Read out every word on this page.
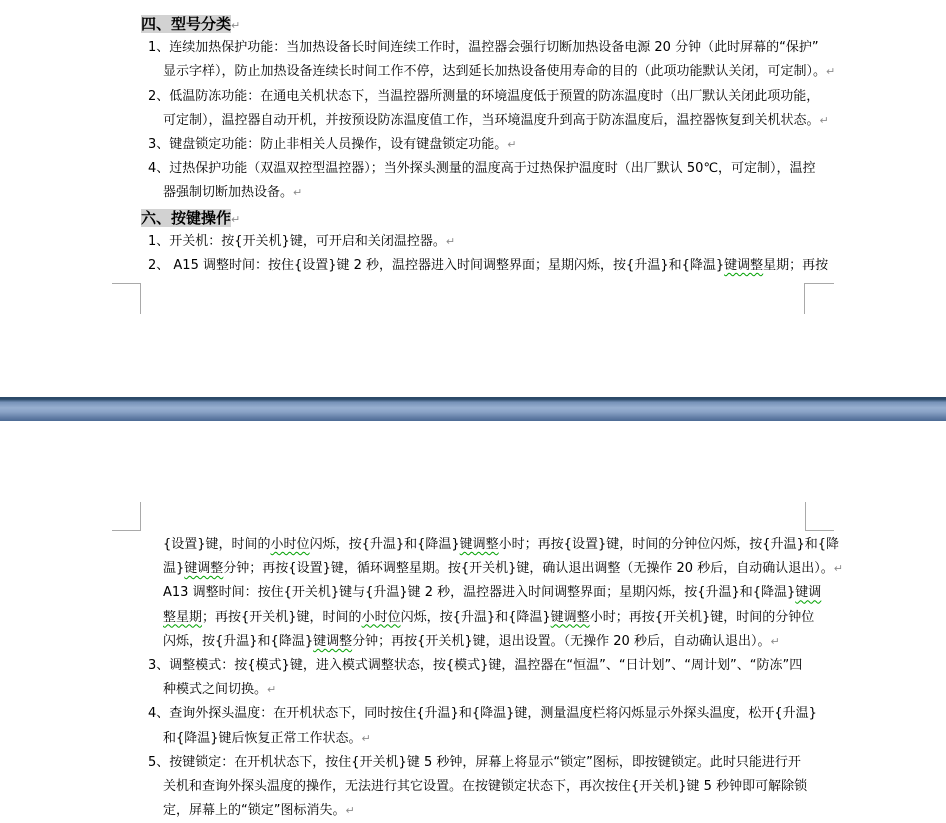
四、型号分类↵
1、连续加热保护功能：当加热设备长时间连续工作时，温控器会强行切断加热设备电源 20 分钟（此时屏幕的“保护”
显示字样），防止加热设备连续长时间工作不停，达到延长加热设备使用寿命的目的（此项功能默认关闭，可定制）。↵
2、低温防冻功能：在通电关机状态下，当温控器所测量的环境温度低于预置的防冻温度时（出厂默认关闭此项功能，
可定制），温控器自动开机，并按预设防冻温度值工作，当环境温度升到高于防冻温度后，温控器恢复到关机状态。↵
3、键盘锁定功能：防止非相关人员操作，设有键盘锁定功能。↵
4、过热保护功能（双温双控型温控器）；当外探头测量的温度高于过热保护温度时（出厂默认 50℃，可定制），温控
器强制切断加热设备。↵
六、按键操作↵
1、开关机：按{开关机}键，可开启和关闭温控器。↵
2、 A15 调整时间：按住{设置}键 2 秒，温控器进入时间调整界面；星期闪烁，按{升温}和{降温}键调整星期；再按
{设置}键，时间的小时位闪烁，按{升温}和{降温}键调整小时；再按{设置}键，时间的分钟位闪烁，按{升温}和{降
温}键调整分钟；再按{设置}键，循环调整星期。按{开关机}键，确认退出调整（无操作 20 秒后，自动确认退出）。↵
A13 调整时间：按住{开关机}键与{升温}键 2 秒，温控器进入时间调整界面；星期闪烁，按{升温}和{降温}键调
整星期；再按{开关机}键，时间的小时位闪烁，按{升温}和{降温}键调整小时；再按{开关机}键，时间的分钟位
闪烁，按{升温}和{降温}键调整分钟；再按{开关机}键，退出设置。（无操作 20 秒后，自动确认退出）。↵
3、调整模式：按{模式}键，进入模式调整状态，按{模式}键，温控器在“恒温”、“日计划”、“周计划”、“防冻”四
种模式之间切换。↵
4、查询外探头温度：在开机状态下，同时按住{升温}和{降温}键，测量温度栏将闪烁显示外探头温度，松开{升温}
和{降温}键后恢复正常工作状态。↵
5、按键锁定：在开机状态下，按住{开关机}键 5 秒钟，屏幕上将显示“锁定”图标，即按键锁定。此时只能进行开
关机和查询外探头温度的操作，无法进行其它设置。在按键锁定状态下，再次按住{开关机}键 5 秒钟即可解除锁
定，屏幕上的“锁定”图标消失。↵
